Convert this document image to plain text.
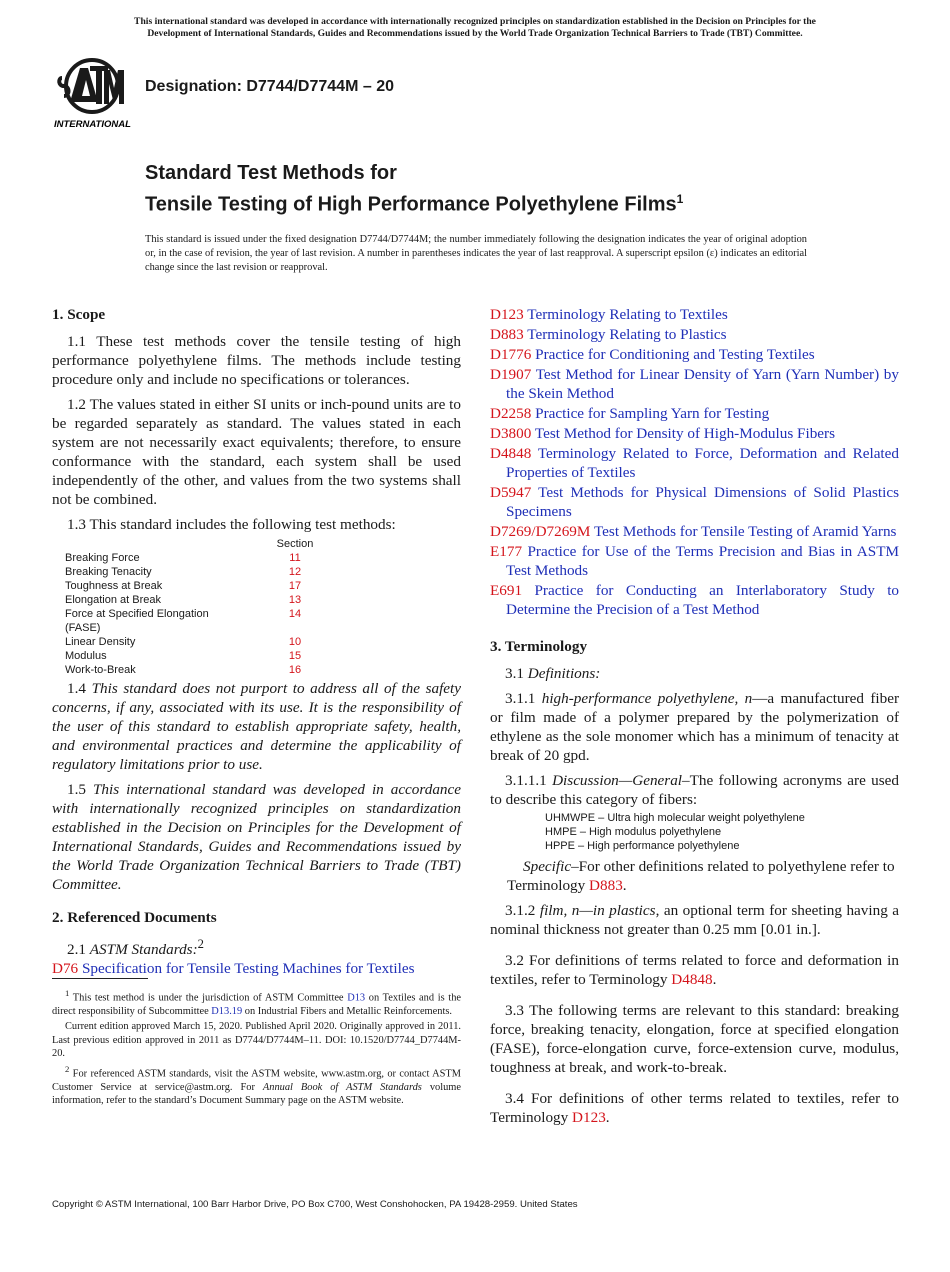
This international standard was developed in accordance with internationally recognized principles on standardization established in the Decision on Principles for the
Development of International Standards, Guides and Recommendations issued by the World Trade Organization Technical Barriers to Trade (TBT) Committee.
INTERNATIONAL
Designation: D7744/D7744M – 20
Standard Test Methods for
Tensile Testing of High Performance Polyethylene Films$^1$
This standard is issued under the fixed designation D7744/D7744M; the number immediately following the designation indicates the year of original adoption or, in the case of revision, the year of last revision. A number in parentheses indicates the year of last reapproval. A superscript epsilon (ε) indicates an editorial change since the last revision or reapproval.
1. Scope

1.1 These test methods cover the tensile testing of high performance polyethylene films. The methods include testing procedure only and include no specifications or tolerances.

1.2 The values stated in either SI units or inch-pound units are to be regarded separately as standard. The values stated in each system are not necessarily exact equivalents; therefore, to ensure conformance with the standard, each system shall be used independently of the other, and values from the two systems shall not be combined.

1.3 This standard includes the following test methods:

	Section
Breaking Force	11
Breaking Tenacity	12
Toughness at Break	17
Elongation at Break	13
Force at Specified Elongation (FASE)	14
Linear Density	10
Modulus	15
Work-to-Break	16

1.4 This standard does not purport to address all of the safety concerns, if any, associated with its use. It is the responsibility of the user of this standard to establish appropriate safety, health, and environmental practices and determine the applicability of regulatory limitations prior to use.

1.5 This international standard was developed in accordance with internationally recognized principles on standardization established in the Decision on Principles for the Development of International Standards, Guides and Recommendations issued by the World Trade Organization Technical Barriers to Trade (TBT) Committee.

2. Referenced Documents

2.1 ASTM Standards:$^2$

D76 Specification for Tensile Testing Machines for Textiles
D123 Terminology Relating to Textiles
D883 Terminology Relating to Plastics
D1776 Practice for Conditioning and Testing Textiles
D1907 Test Method for Linear Density of Yarn (Yarn Number) by the Skein Method
D2258 Practice for Sampling Yarn for Testing
D3800 Test Method for Density of High-Modulus Fibers
D4848 Terminology Related to Force, Deformation and Related Properties of Textiles
D5947 Test Methods for Physical Dimensions of Solid Plastics Specimens
D7269/D7269M Test Methods for Tensile Testing of Aramid Yarns
E177 Practice for Use of the Terms Precision and Bias in ASTM Test Methods
E691 Practice for Conducting an Interlaboratory Study to Determine the Precision of a Test Method
3. Terminology

3.1 Definitions:

3.1.1 high-performance polyethylene, n—a manufactured fiber or film made of a polymer prepared by the polymerization of ethylene as the sole monomer which has a minimum of tenacity at break of 20 gpd.

3.1.1.1 Discussion—General–The following acronyms are used to describe this category of fibers:

UHMWPE – Ultra high molecular weight polyethylene
HMPE – High modulus polyethylene
HPPE – High performance polyethylene

Specific–For other definitions related to polyethylene refer to Terminology D883.

3.1.2 film, n—in plastics, an optional term for sheeting having a nominal thickness not greater than 0.25 mm [0.01 in.].

3.2 For definitions of terms related to force and deformation in textiles, refer to Terminology D4848.

3.3 The following terms are relevant to this standard: breaking force, breaking tenacity, elongation, force at specified elongation (FASE), force-elongation curve, force-extension curve, modulus, toughness at break, and work-to-break.

3.4 For definitions of other terms related to textiles, refer to Terminology D123.

$^1$ This test method is under the jurisdiction of ASTM Committee D13 on Textiles and is the direct responsibility of Subcommittee D13.19 on Industrial Fibers and Metallic Reinforcements.

Current edition approved March 15, 2020. Published April 2020. Originally approved in 2011. Last previous edition approved in 2011 as D7744/D7744M–11. DOI: 10.1520/D7744_D7744M-20.

$^2$ For referenced ASTM standards, visit the ASTM website, www.astm.org, or contact ASTM Customer Service at service@astm.org. For Annual Book of ASTM Standards volume information, refer to the standard’s Document Summary page on the ASTM website.

Copyright © ASTM International, 100 Barr Harbor Drive, PO Box C700, West Conshohocken, PA 19428-2959. United States
